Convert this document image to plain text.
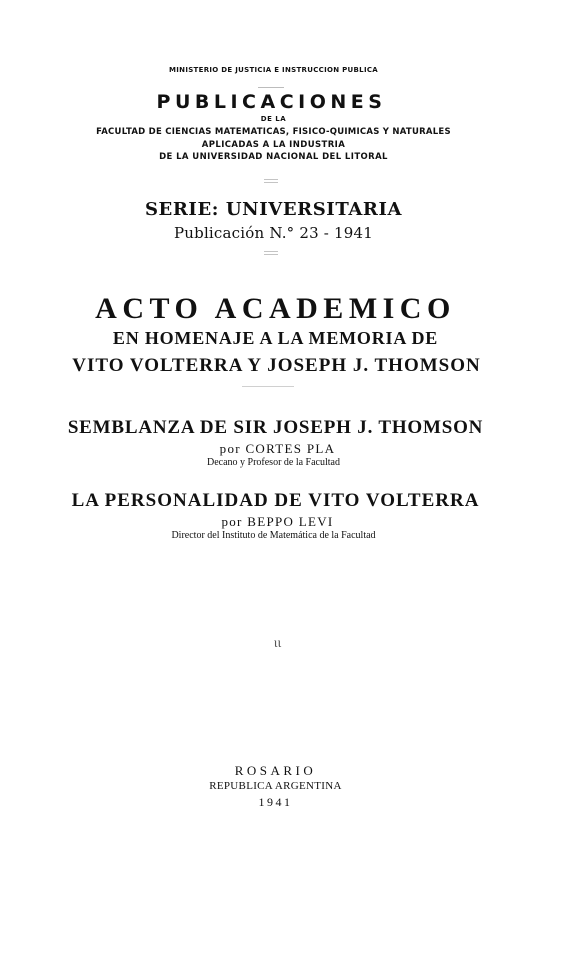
MINISTERIO DE JUSTICIA E INSTRUCCION PUBLICA
PUBLICACIONES
DE LA
FACULTAD DE CIENCIAS MATEMATICAS, FISICO-QUIMICAS Y NATURALES
APLICADAS A LA INDUSTRIA
DE LA UNIVERSIDAD NACIONAL DEL LITORAL
SERIE: UNIVERSITARIA
Publicación N.° 23 - 1941
ACTO ACADEMICO
EN HOMENAJE A LA MEMORIA DE
VITO VOLTERRA Y JOSEPH J. THOMSON
SEMBLANZA DE SIR JOSEPH J. THOMSON
por CORTES PLA
Decano y Profesor de la Facultad
LA PERSONALIDAD DE VITO VOLTERRA
por BEPPO LEVI
Director del Instituto de Matemática de la Facultad
ιι
ROSARIO
REPUBLICA ARGENTINA
1941
